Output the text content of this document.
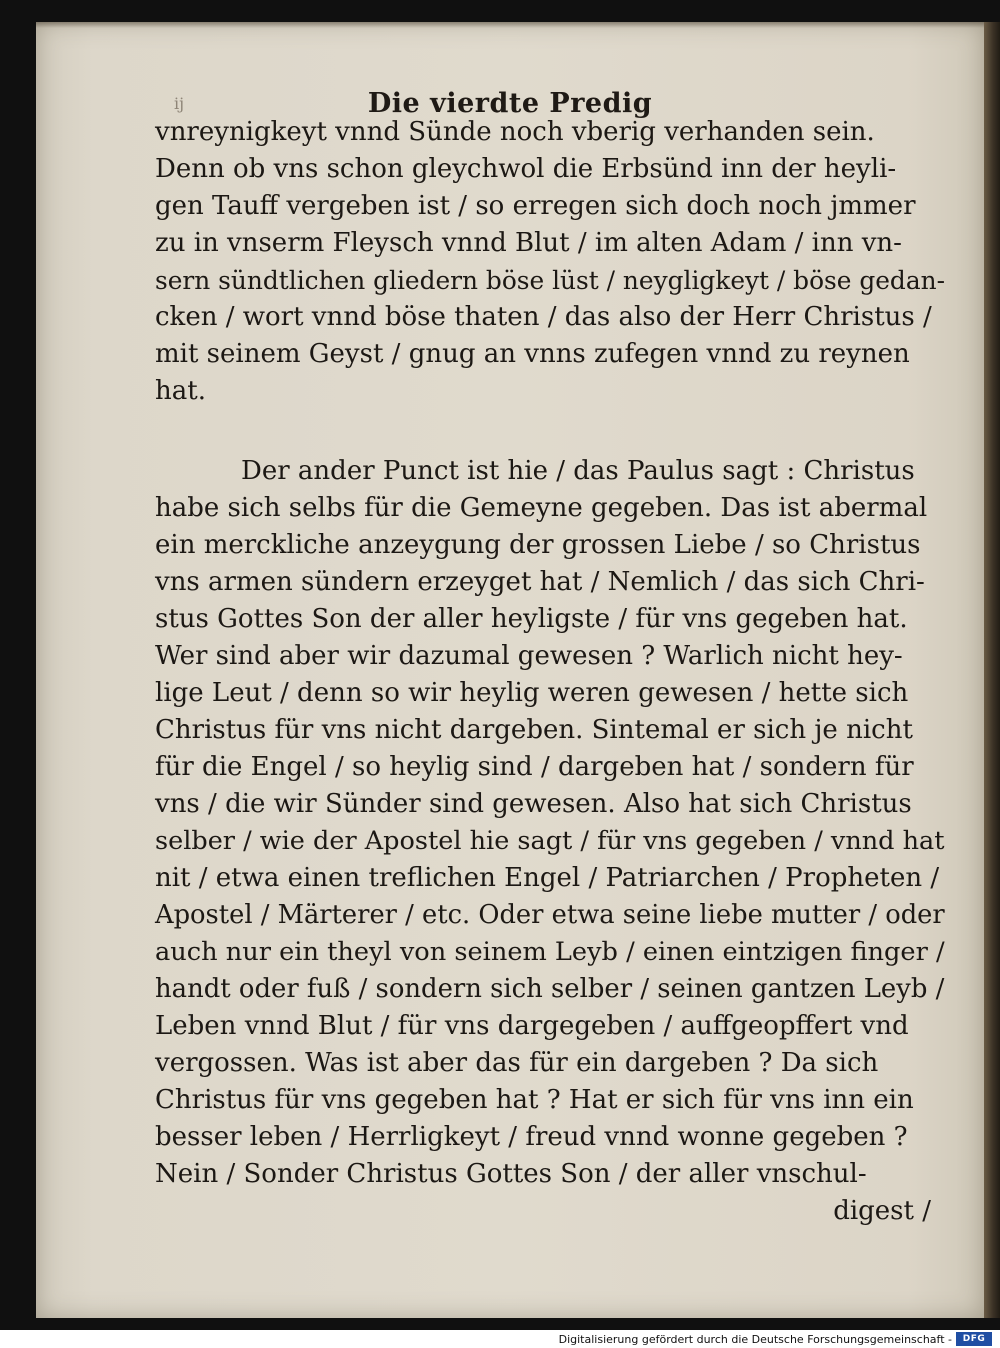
ij	Die vierdte Predig
vnreynigkeyt vnnd Sünde noch vberig verhanden sein.
Denn ob vns schon gleychwol die Erbsünd inn der heyli-
gen Tauff vergeben ist / so erregen sich doch noch jmmer
zu in vnserm Fleysch vnnd Blut / im alten Adam / inn vn-
sern sündtlichen gliedern böse lüst / neygligkeyt / böse gedan-
cken / wort vnnd böse thaten / das also der Herr Christus /
mit seinem Geyst / gnug an vnns zufegen vnnd zu reynen
hat.
Der ander Punct ist hie / das Paulus sagt : Christus
habe sich selbs für die Gemeyne gegeben. Das ist abermal
ein merckliche anzeygung der grossen Liebe / so Christus
vns armen sündern erzeyget hat / Nemlich / das sich Chri-
stus Gottes Son der aller heyligste / für vns gegeben hat.
Wer sind aber wir dazumal gewesen ? Warlich nicht hey-
lige Leut / denn so wir heylig weren gewesen / hette sich
Christus für vns nicht dargeben. Sintemal er sich je nicht
für die Engel / so heylig sind / dargeben hat / sondern für
vns / die wir Sünder sind gewesen. Also hat sich Christus
selber / wie der Apostel hie sagt / für vns gegeben / vnnd hat
nit / etwa einen treflichen Engel / Patriarchen / Propheten /
Apostel / Märterer / etc. Oder etwa seine liebe mutter / oder
auch nur ein theyl von seinem Leyb / einen eintzigen finger /
handt oder fuß / sondern sich selber / seinen gantzen Leyb /
Leben vnnd Blut / für vns dargegeben / auffgeopffert vnd
vergossen. Was ist aber das für ein dargeben ? Da sich
Christus für vns gegeben hat ? Hat er sich für vns inn ein
besser leben / Herrligkeyt / freud vnnd wonne gegeben ?
Nein / Sonder Christus Gottes Son / der aller vnschul-
digest /
Digitalisierung gefördert durch die Deutsche Forschungsgemeinschaft -	DFG
